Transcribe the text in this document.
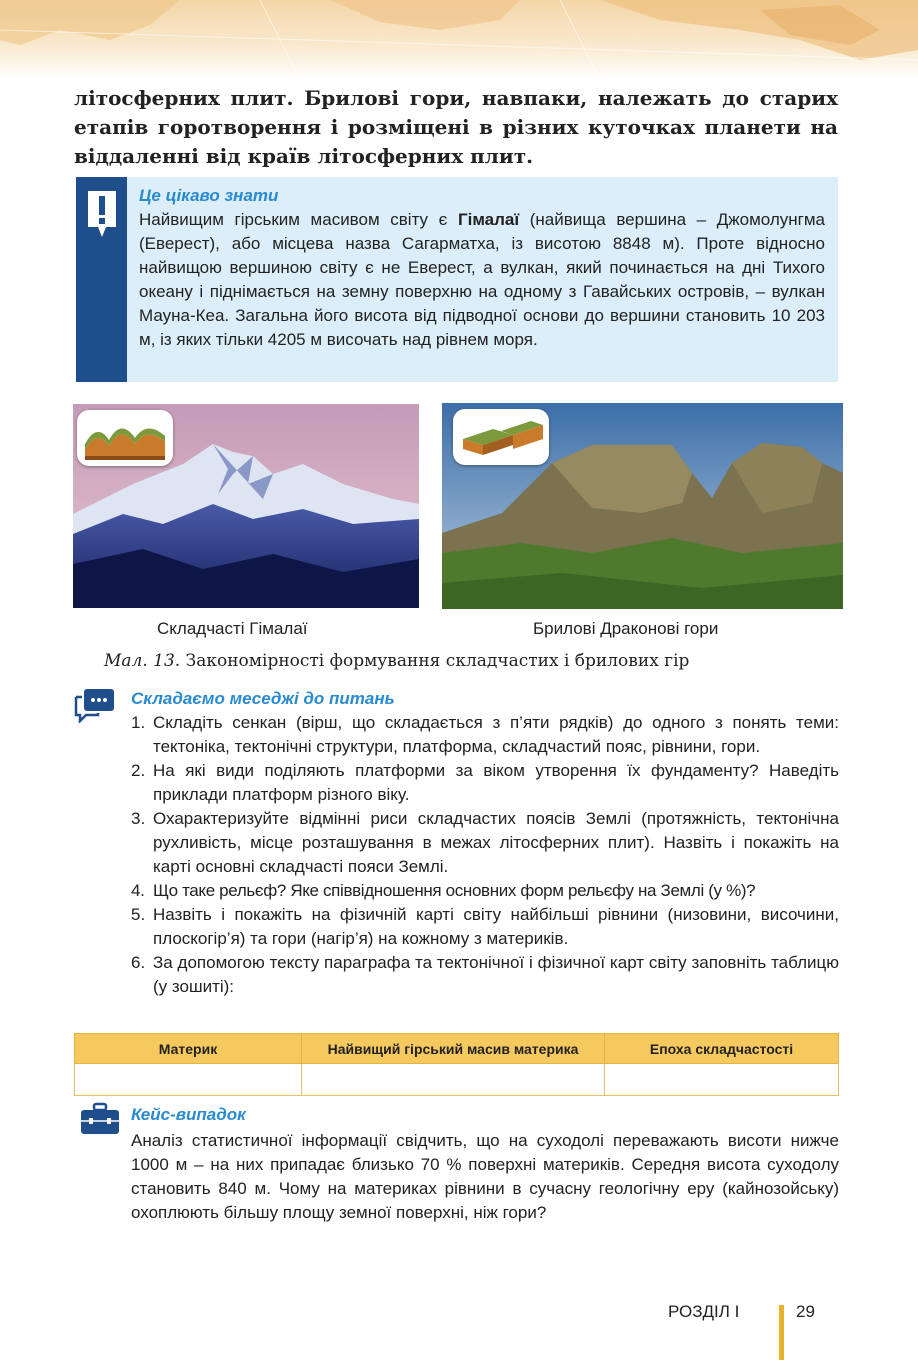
літосферних плит. Брилові гори, навпаки, належать до старих етапів горотворення і розміщені в різних куточках планети на віддаленні від країв літосферних плит.

Це цікаво знати

Найвищим гірським масивом світу є Гімалаї (найвища вершина – Джомолунгма (Еверест), або місцева назва Сагарматха, із висотою 8848 м). Проте відносно найвищою вершиною світу є не Еверест, а вулкан, який починається на дні Тихого океану і піднімається на земну поверхню на одному з Гавайських островів, – вулкан Мауна-Кеа. Загальна його висота від підводної основи до вершини становить 10 203 м, із яких тільки 4205 м височать над рівнем моря.

Складчасті Гімалаї	Брилові Драконові гори

Мал. 13. Закономірності формування складчастих і брилових гір

Складаємо меседжі до питань

1. Складіть сенкан (вірш, що складається з п’яти рядків) до одного з понять теми: тектоніка, тектонічні структури, платформа, складчастий пояс, рівнини, гори.
2. На які види поділяють платформи за віком утворення їх фундаменту? Наведіть приклади платформ різного віку.
3. Охарактеризуйте відмінні риси складчастих поясів Землі (протяжність, тектонічна рухливість, місце розташування в межах літосферних плит). Назвіть і покажіть на карті основні складчасті пояси Землі.
4. Що таке рельєф? Яке співвідношення основних форм рельєфу на Землі (у %)?
5. Назвіть і покажіть на фізичній карті світу найбільші рівнини (низовини, височини, плоскогір’я) та гори (нагір’я) на кожному з материків.
6. За допомогою тексту параграфа та тектонічної і фізичної карт світу заповніть таблицю (у зошиті):
Материк	Найвищий гірський масив материка	Епоха складчастості

Кейс-випадок

Аналіз статистичної інформації свідчить, що на суходолі переважають висоти нижче 1000 м – на них припадає близько 70 % поверхні материків. Середня висота суходолу становить 840 м. Чому на материках рівнини в сучасну геологічну еру (кайнозойську) охоплюють більшу площу земної поверхні, ніж гори?

РОЗДІЛ І	29
